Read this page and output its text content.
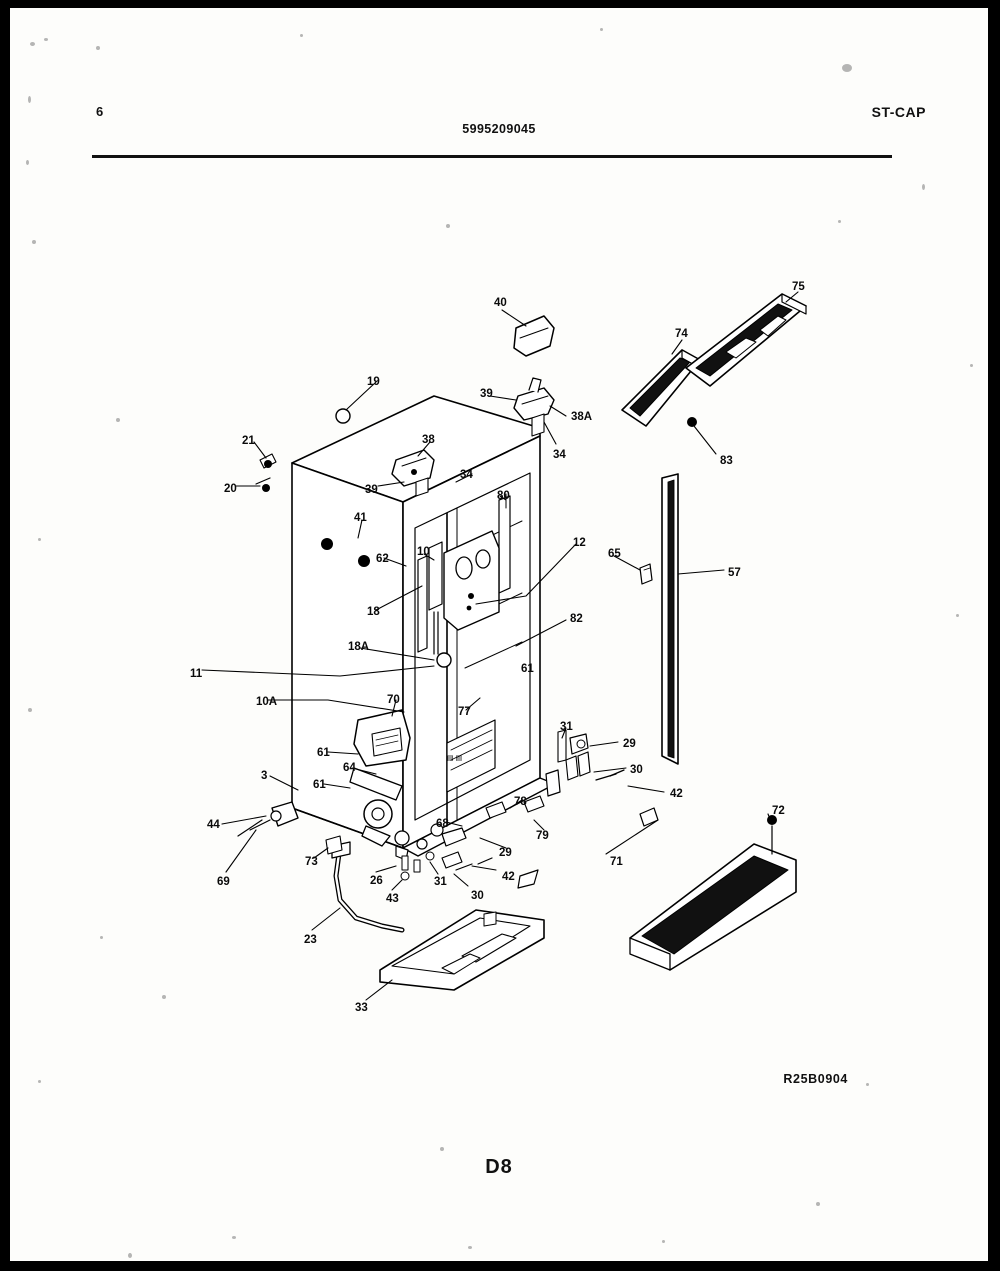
6
5995209045
ST-CAP
▤ ▤
40
75
74
19
39
38A
34
21	38
83
20	39
34
80
41
10
12
65
57
62
18
82
18A
61
11
10A	70
77
31
29
61
30
64
3
61
42
78
72
44	68
79
71
29
69
73
26	31	42
30
43
23
33
R25B0904
D8
